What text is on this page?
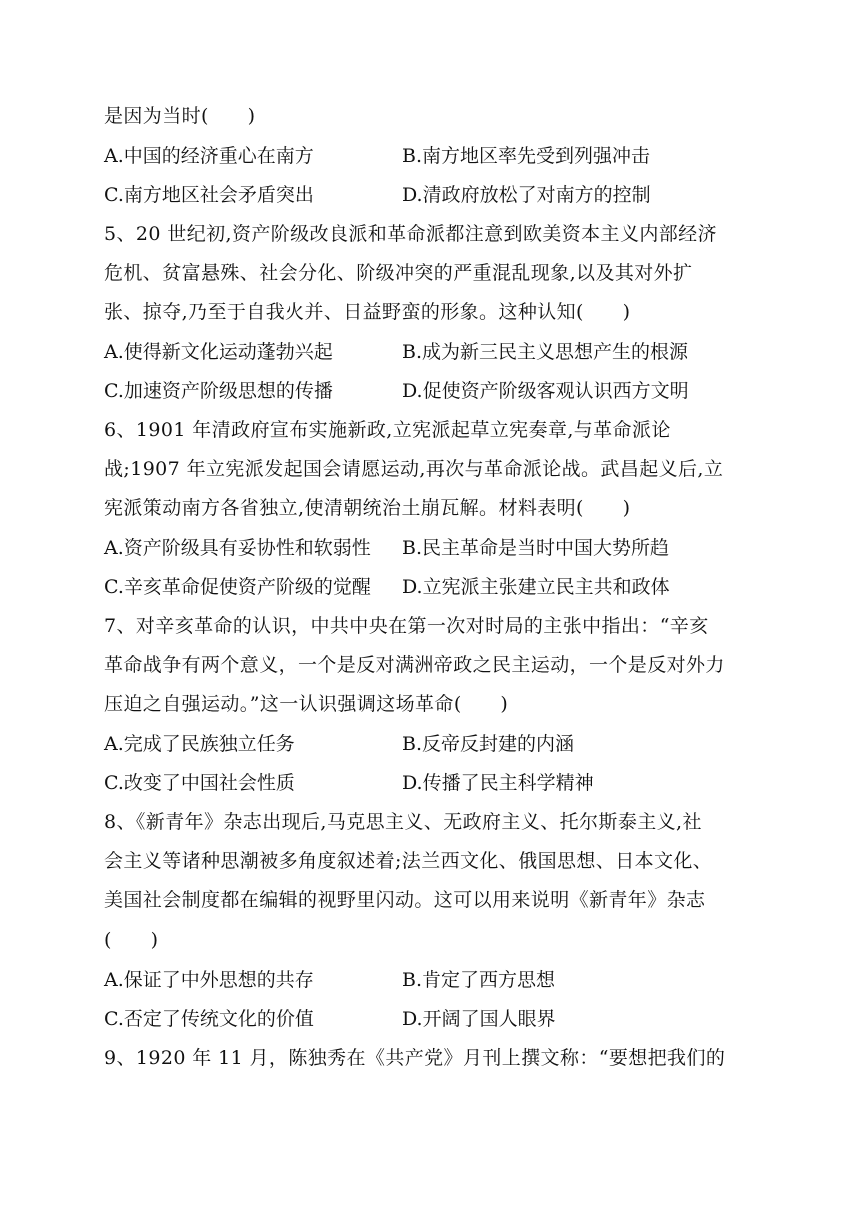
是因为当时(　　)
A.中国的经济重心在南方	B.南方地区率先受到列强冲击
C.南方地区社会矛盾突出	D.清政府放松了对南方的控制
5、20 世纪初,资产阶级改良派和革命派都注意到欧美资本主义内部经济
危机、贫富悬殊、社会分化、阶级冲突的严重混乱现象,以及其对外扩
张、掠夺,乃至于自我火并、日益野蛮的形象。这种认知(　　)
A.使得新文化运动蓬勃兴起	B.成为新三民主义思想产生的根源
C.加速资产阶级思想的传播	D.促使资产阶级客观认识西方文明
6、1901 年清政府宣布实施新政,立宪派起草立宪奏章,与革命派论
战;1907 年立宪派发起国会请愿运动,再次与革命派论战。武昌起义后,立
宪派策动南方各省独立,使清朝统治土崩瓦解。材料表明(　　)
A.资产阶级具有妥协性和软弱性 B.民主革命是当时中国大势所趋
C.辛亥革命促使资产阶级的觉醒 D.立宪派主张建立民主共和政体
7、对辛亥革命的认识，中共中央在第一次对时局的主张中指出：“辛亥
革命战争有两个意义，一个是反对满洲帝政之民主运动，一个是反对外力
压迫之自强运动。”这一认识强调这场革命(　　)
A.完成了民族独立任务	B.反帝反封建的内涵
C.改变了中国社会性质	D.传播了民主科学精神
8、《新青年》杂志出现后,马克思主义、无政府主义、托尔斯泰主义,社
会主义等诸种思潮被多角度叙述着;法兰西文化、俄国思想、日本文化、
美国社会制度都在编辑的视野里闪动。这可以用来说明《新青年》杂志
(　　)
A.保证了中外思想的共存	B.肯定了西方思想
C.否定了传统文化的价值	D.开阔了国人眼界
9、1920 年 11 月，陈独秀在《共产党》月刊上撰文称：“要想把我们的
